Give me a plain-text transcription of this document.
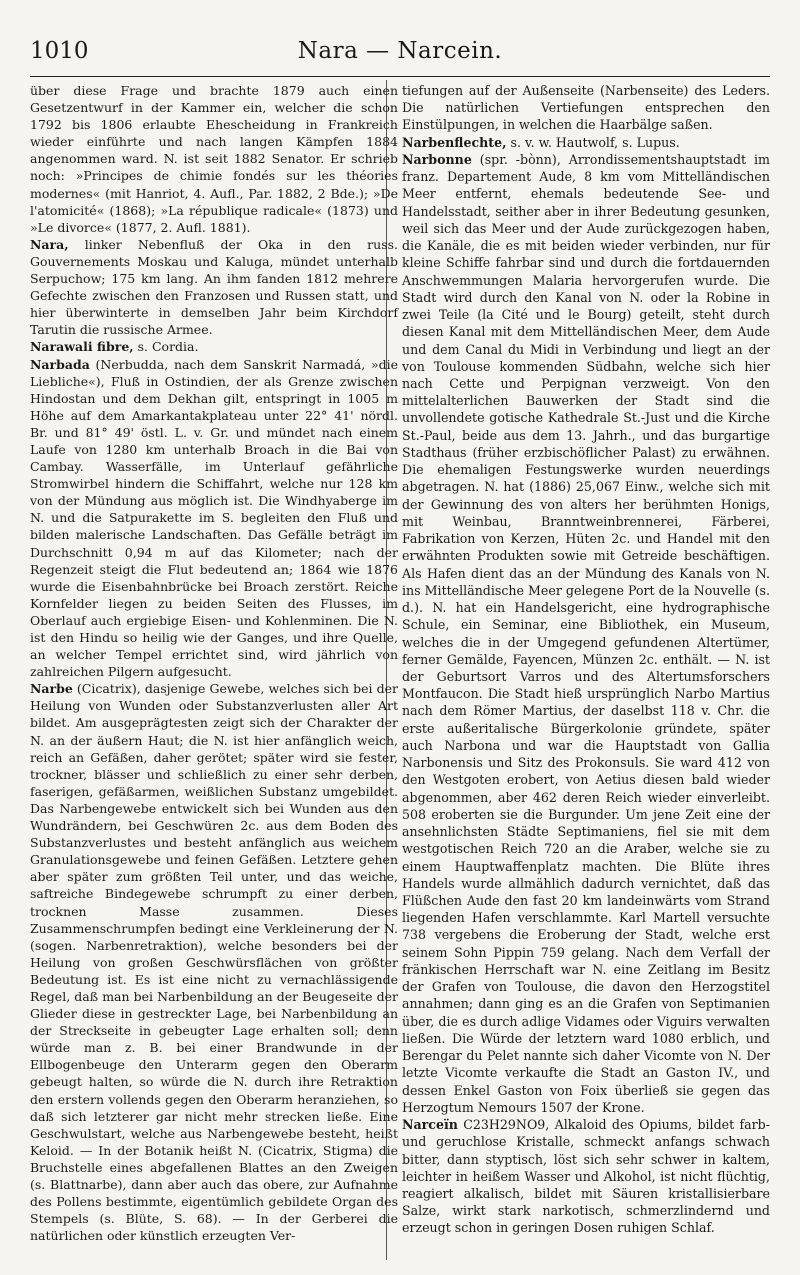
1010	Nara — Narcein.

über diese Frage und brachte 1879 auch einen Gesetzentwurf in der Kammer ein, welcher die schon 1792 bis 1806 erlaubte Ehescheidung in Frankreich wieder einführte und nach langen Kämpfen 1884 angenommen ward. N. ist seit 1882 Senator. Er schrieb noch: »Principes de chimie fondés sur les théories modernes« (mit Hanriot, 4. Aufl., Par. 1882, 2 Bde.); »De l'atomicité« (1868); »La république radicale« (1873) und »Le divorce« (1877, 2. Aufl. 1881).

Nara, linker Nebenfluß der Oka in den russ. Gouvernements Moskau und Kaluga, mündet unterhalb Serpuchow; 175 km lang. An ihm fanden 1812 mehrere Gefechte zwischen den Franzosen und Russen statt, und hier überwinterte in demselben Jahr beim Kirchdorf Tarutin die russische Armee.

Narawali fibre, s. Cordia.

Narbada (Nerbudda, nach dem Sanskrit Narmadá, »die Liebliche«), Fluß in Ostindien, der als Grenze zwischen Hindostan und dem Dekhan gilt, entspringt in 1005 m Höhe auf dem Amarkantakplateau unter 22° 41' nördl. Br. und 81° 49' östl. L. v. Gr. und mündet nach einem Laufe von 1280 km unterhalb Broach in die Bai von Cambay. Wasserfälle, im Unterlauf gefährliche Stromwirbel hindern die Schiffahrt, welche nur 128 km von der Mündung aus möglich ist. Die Windhyaberge im N. und die Satpurakette im S. begleiten den Fluß und bilden malerische Landschaften. Das Gefälle beträgt im Durchschnitt 0,94 m auf das Kilometer; nach der Regenzeit steigt die Flut bedeutend an; 1864 wie 1876 wurde die Eisenbahnbrücke bei Broach zerstört. Reiche Kornfelder liegen zu beiden Seiten des Flusses, im Oberlauf auch ergiebige Eisen- und Kohlenminen. Die N. ist den Hindu so heilig wie der Ganges, und ihre Quelle, an welcher Tempel errichtet sind, wird jährlich von zahlreichen Pilgern aufgesucht.

Narbe (Cicatrix), dasjenige Gewebe, welches sich bei der Heilung von Wunden oder Substanzverlusten aller Art bildet. Am ausgeprägtesten zeigt sich der Charakter der N. an der äußern Haut; die N. ist hier anfänglich weich, reich an Gefäßen, daher gerötet; später wird sie fester, trockner, blässer und schließlich zu einer sehr derben, faserigen, gefäßarmen, weißlichen Substanz umgebildet. Das Narbengewebe entwickelt sich bei Wunden aus den Wundrändern, bei Geschwüren 2c. aus dem Boden des Substanzverlustes und besteht anfänglich aus weichem Granulationsgewebe und feinen Gefäßen. Letztere gehen aber später zum größten Teil unter, und das weiche, saftreiche Bindegewebe schrumpft zu einer derben, trocknen Masse zusammen. Dieses Zusammenschrumpfen bedingt eine Verkleinerung der N. (sogen. Narbenretraktion), welche besonders bei der Heilung von großen Geschwürsflächen von größter Bedeutung ist. Es ist eine nicht zu vernachlässigende Regel, daß man bei Narbenbildung an der Beugeseite der Glieder diese in gestreckter Lage, bei Narbenbildung an der Streckseite in gebeugter Lage erhalten soll; denn würde man z. B. bei einer Brandwunde in der Ellbogenbeuge den Unterarm gegen den Oberarm gebeugt halten, so würde die N. durch ihre Retraktion den erstern vollends gegen den Oberarm heranziehen, so daß sich letzterer gar nicht mehr strecken ließe. Eine Geschwulstart, welche aus Narbengewebe besteht, heißt Keloid. — In der Botanik heißt N. (Cicatrix, Stigma) die Bruchstelle eines abgefallenen Blattes an den Zweigen (s. Blattnarbe), dann aber auch das obere, zur Aufnahme des Pollens bestimmte, eigentümlich gebildete Organ des Stempels (s. Blüte, S. 68). — In der Gerberei die natürlichen oder künstlich erzeugten Ver-

tiefungen auf der Außenseite (Narbenseite) des Leders. Die natürlichen Vertiefungen entsprechen den Einstülpungen, in welchen die Haarbälge saßen.

Narbenflechte, s. v. w. Hautwolf, s. Lupus.

Narbonne (spr. -bònn), Arrondissementshauptstadt im franz. Departement Aude, 8 km vom Mittelländischen Meer entfernt, ehemals bedeutende See- und Handelsstadt, seither aber in ihrer Bedeutung gesunken, weil sich das Meer und der Aude zurückgezogen haben, die Kanäle, die es mit beiden wieder verbinden, nur für kleine Schiffe fahrbar sind und durch die fortdauernden Anschwemmungen Malaria hervorgerufen wurde. Die Stadt wird durch den Kanal von N. oder la Robine in zwei Teile (la Cité und le Bourg) geteilt, steht durch diesen Kanal mit dem Mittelländischen Meer, dem Aude und dem Canal du Midi in Verbindung und liegt an der von Toulouse kommenden Südbahn, welche sich hier nach Cette und Perpignan verzweigt. Von den mittelalterlichen Bauwerken der Stadt sind die unvollendete gotische Kathedrale St.-Just und die Kirche St.-Paul, beide aus dem 13. Jahrh., und das burgartige Stadthaus (früher erzbischöflicher Palast) zu erwähnen. Die ehemaligen Festungswerke wurden neuerdings abgetragen. N. hat (1886) 25,067 Einw., welche sich mit der Gewinnung des von alters her berühmten Honigs, mit Weinbau, Branntweinbrennerei, Färberei, Fabrikation von Kerzen, Hüten 2c. und Handel mit den erwähnten Produkten sowie mit Getreide beschäftigen. Als Hafen dient das an der Mündung des Kanals von N. ins Mittelländische Meer gelegene Port de la Nouvelle (s. d.). N. hat ein Handelsgericht, eine hydrographische Schule, ein Seminar, eine Bibliothek, ein Museum, welches die in der Umgegend gefundenen Altertümer, ferner Gemälde, Fayencen, Münzen 2c. enthält. — N. ist der Geburtsort Varros und des Altertumsforschers Montfaucon. Die Stadt hieß ursprünglich Narbo Martius nach dem Römer Martius, der daselbst 118 v. Chr. die erste außeritalische Bürgerkolonie gründete, später auch Narbona und war die Hauptstadt von Gallia Narbonensis und Sitz des Prokonsuls. Sie ward 412 von den Westgoten erobert, von Aetius diesen bald wieder abgenommen, aber 462 deren Reich wieder einverleibt. 508 eroberten sie die Burgunder. Um jene Zeit eine der ansehnlichsten Städte Septimaniens, fiel sie mit dem westgotischen Reich 720 an die Araber, welche sie zu einem Hauptwaffenplatz machten. Die Blüte ihres Handels wurde allmählich dadurch vernichtet, daß das Flüßchen Aude den fast 20 km landeinwärts vom Strand liegenden Hafen verschlammte. Karl Martell versuchte 738 vergebens die Eroberung der Stadt, welche erst seinem Sohn Pippin 759 gelang. Nach dem Verfall der fränkischen Herrschaft war N. eine Zeitlang im Besitz der Grafen von Toulouse, die davon den Herzogstitel annahmen; dann ging es an die Grafen von Septimanien über, die es durch adlige Vidames oder Viguirs verwalten ließen. Die Würde der letztern ward 1080 erblich, und Berengar du Pelet nannte sich daher Vicomte von N. Der letzte Vicomte verkaufte die Stadt an Gaston IV., und dessen Enkel Gaston von Foix überließ sie gegen das Herzogtum Nemours 1507 der Krone.

Narceïn C23H29NO9, Alkaloid des Opiums, bildet farb- und geruchlose Kristalle, schmeckt anfangs schwach bitter, dann styptisch, löst sich sehr schwer in kaltem, leichter in heißem Wasser und Alkohol, ist nicht flüchtig, reagiert alkalisch, bildet mit Säuren kristallisierbare Salze, wirkt stark narkotisch, schmerzlindernd und erzeugt schon in geringen Dosen ruhigen Schlaf.
